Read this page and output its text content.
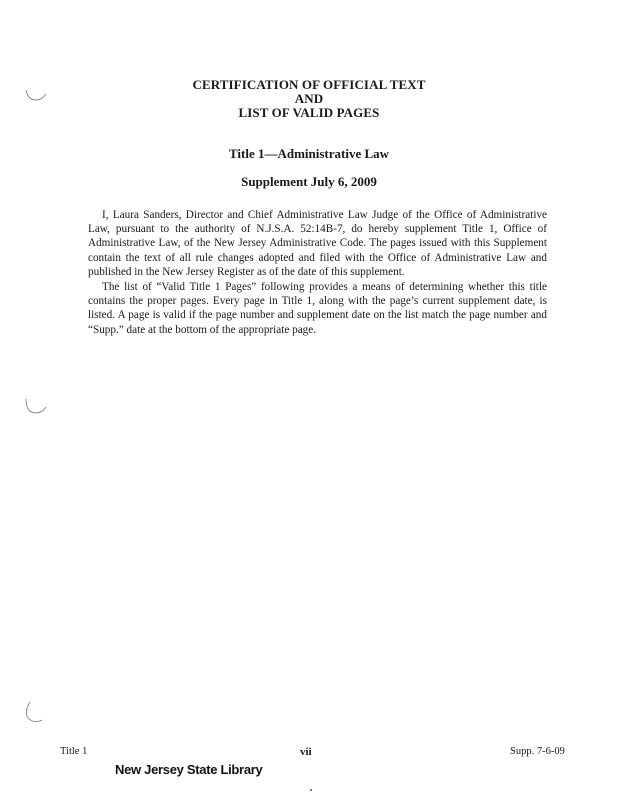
CERTIFICATION OF OFFICIAL TEXT
AND
LIST OF VALID PAGES
Title 1—Administrative Law
Supplement July 6, 2009

I, Laura Sanders, Director and Chief Administrative Law Judge of the Office of Administrative Law, pursuant to the authority of N.J.S.A. 52:14B-7, do hereby supplement Title 1, Office of Administrative Law, of the New Jersey Administrative Code. The pages issued with this Supplement contain the text of all rule changes adopted and filed with the Office of Administrative Law and published in the New Jersey Register as of the date of this supplement.

The list of “Valid Title 1 Pages” following provides a means of determining whether this title contains the proper pages. Every page in Title 1, along with the page’s current supplement date, is listed. A page is valid if the page number and supplement date on the list match the page number and “Supp.” date at the bottom of the appropriate page.

Title 1	vii	Supp. 7-6-09
New Jersey State Library
